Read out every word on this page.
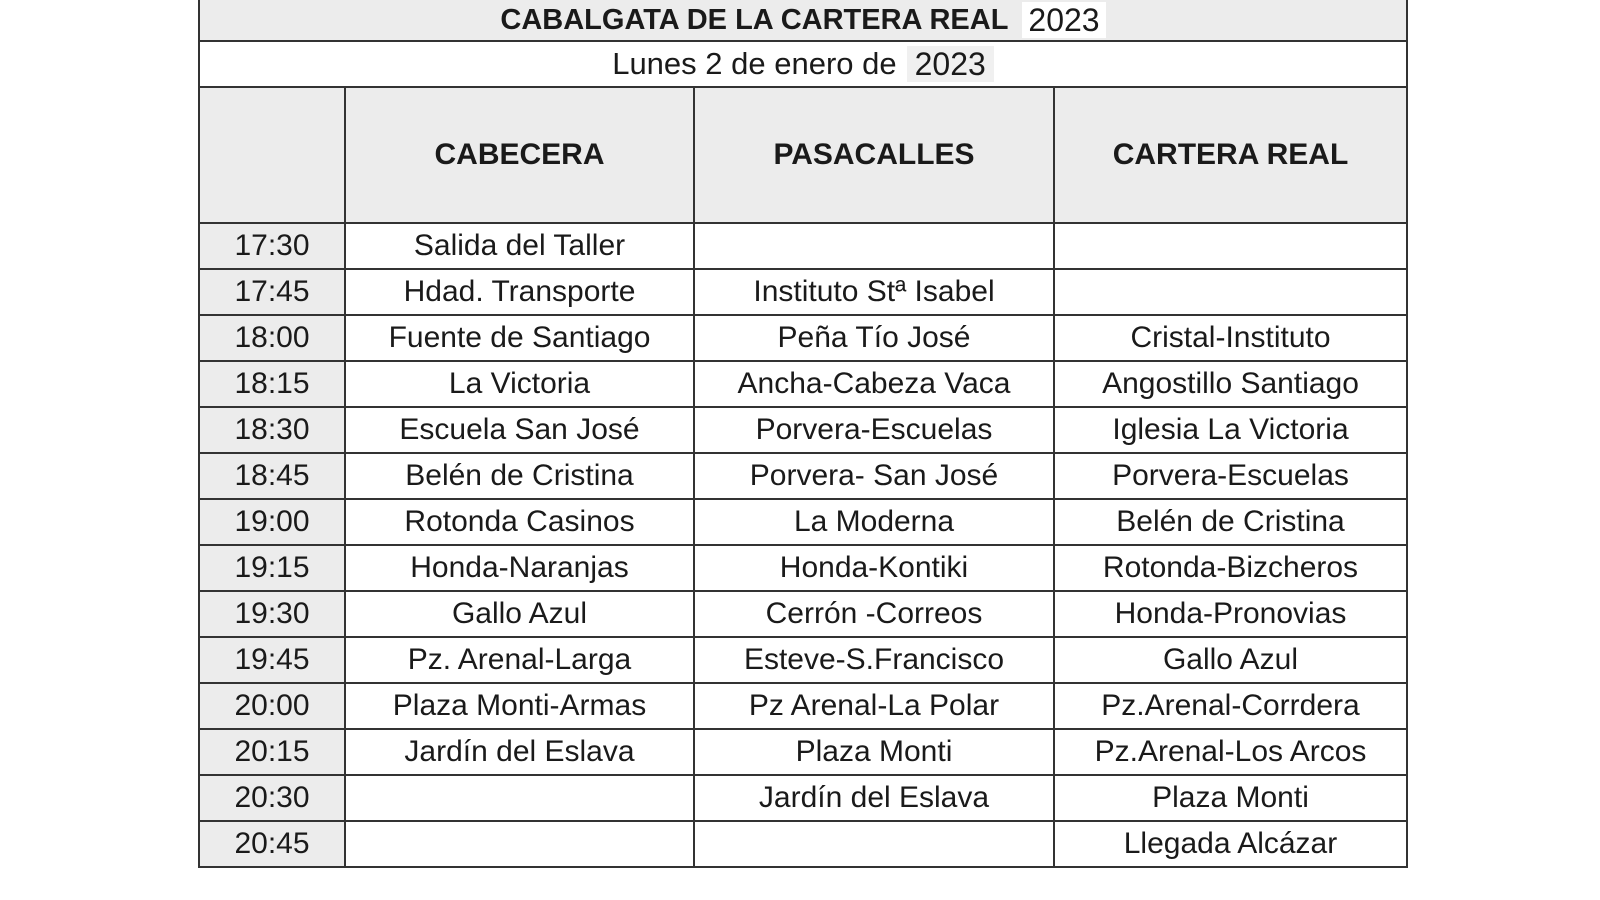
CABALGATA DE LA CARTERA REAL 2023
Lunes 2 de enero de 2023
	CABECERA	PASACALLES	CARTERA REAL
17:30	Salida del Taller		
17:45	Hdad. Transporte	Instituto Stª Isabel	
18:00	Fuente de Santiago	Peña Tío José	Cristal-Instituto
18:15	La Victoria	Ancha-Cabeza Vaca	Angostillo Santiago
18:30	Escuela San José	Porvera-Escuelas	Iglesia La Victoria
18:45	Belén de Cristina	Porvera- San José	Porvera-Escuelas
19:00	Rotonda Casinos	La Moderna	Belén de Cristina
19:15	Honda-Naranjas	Honda-Kontiki	Rotonda-Bizcheros
19:30	Gallo Azul	Cerrón -Correos	Honda-Pronovias
19:45	Pz. Arenal-Larga	Esteve-S.Francisco	Gallo Azul
20:00	Plaza Monti-Armas	Pz Arenal-La Polar	Pz.Arenal-Corrdera
20:15	Jardín del Eslava	Plaza Monti	Pz.Arenal-Los Arcos
20:30		Jardín del Eslava	Plaza Monti
20:45			Llegada Alcázar
